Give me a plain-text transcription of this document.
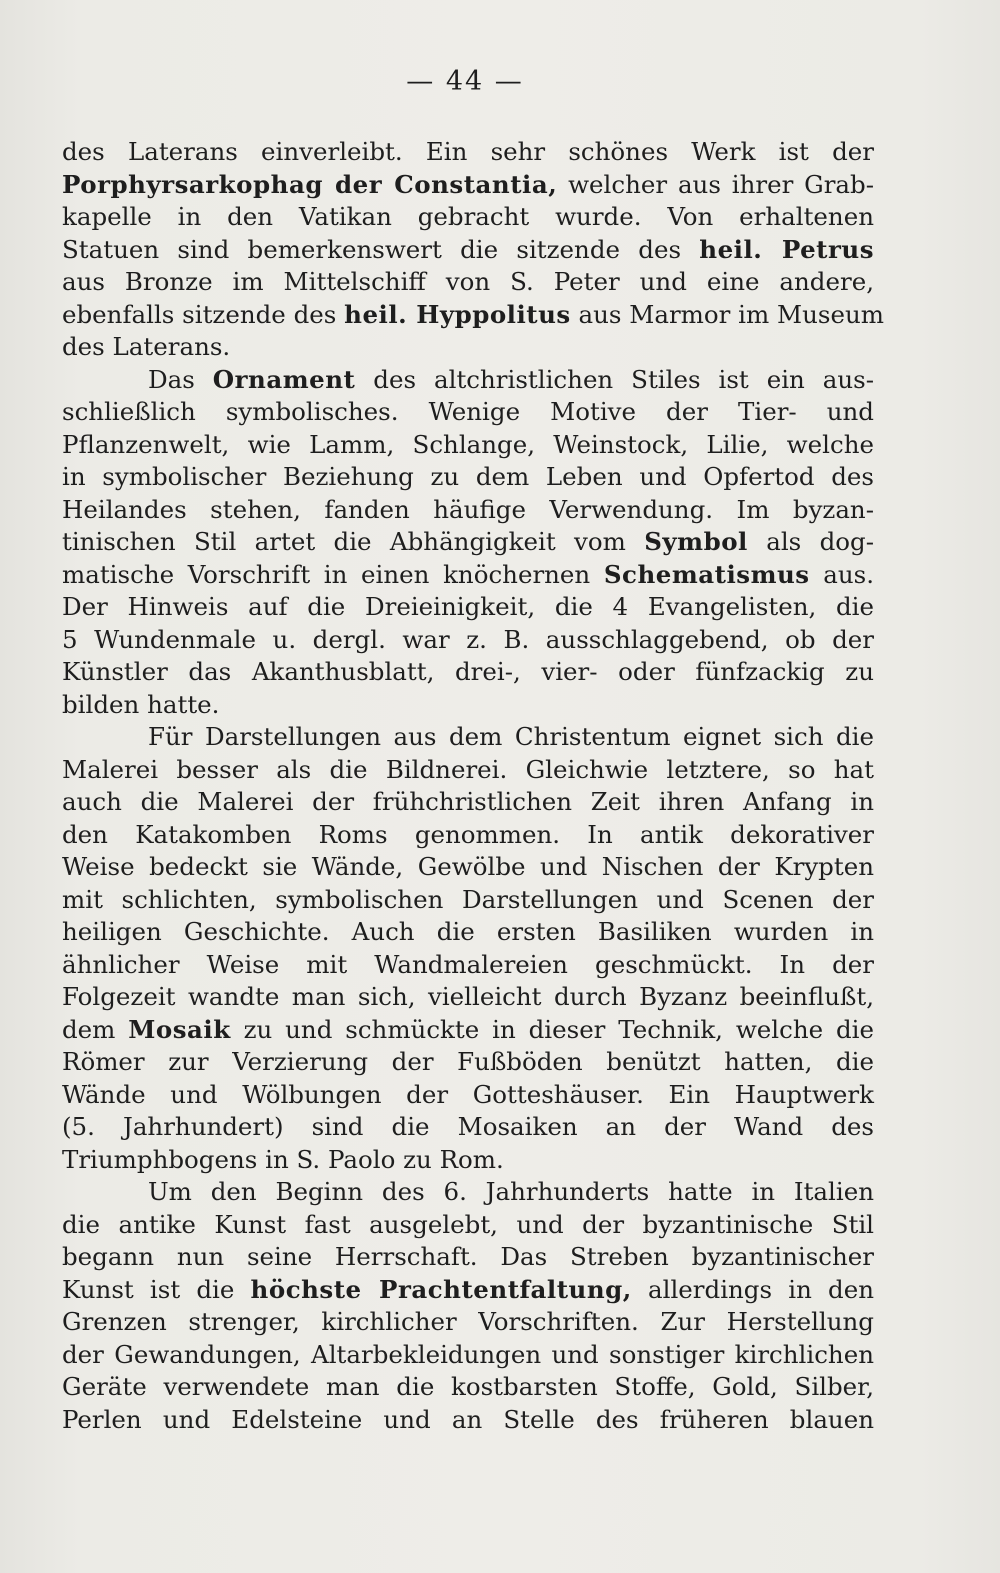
— 44 —
des Laterans einverleibt. Ein sehr schönes Werk ist der
Porphyrsarkophag der Constantia, welcher aus ihrer Grab-
kapelle in den Vatikan gebracht wurde. Von erhaltenen
Statuen sind bemerkenswert die sitzende des heil. Petrus
aus Bronze im Mittelschiff von S. Peter und eine andere,
ebenfalls sitzende des heil. Hyppolitus aus Marmor im Museum
des Laterans.
Das Ornament des altchristlichen Stiles ist ein aus-
schließlich symbolisches. Wenige Motive der Tier- und
Pflanzenwelt, wie Lamm, Schlange, Weinstock, Lilie, welche
in symbolischer Beziehung zu dem Leben und Opfertod des
Heilandes stehen, fanden häufige Verwendung. Im byzan-
tinischen Stil artet die Abhängigkeit vom Symbol als dog-
matische Vorschrift in einen knöchernen Schematismus aus.
Der Hinweis auf die Dreieinigkeit, die 4 Evangelisten, die
5 Wundenmale u. dergl. war z. B. ausschlaggebend, ob der
Künstler das Akanthusblatt, drei-, vier- oder fünfzackig zu
bilden hatte.
Für Darstellungen aus dem Christentum eignet sich die
Malerei besser als die Bildnerei. Gleichwie letztere, so hat
auch die Malerei der frühchristlichen Zeit ihren Anfang in
den Katakomben Roms genommen. In antik dekorativer
Weise bedeckt sie Wände, Gewölbe und Nischen der Krypten
mit schlichten, symbolischen Darstellungen und Scenen der
heiligen Geschichte. Auch die ersten Basiliken wurden in
ähnlicher Weise mit Wandmalereien geschmückt. In der
Folgezeit wandte man sich, vielleicht durch Byzanz beeinflußt,
dem Mosaik zu und schmückte in dieser Technik, welche die
Römer zur Verzierung der Fußböden benützt hatten, die
Wände und Wölbungen der Gotteshäuser. Ein Hauptwerk
(5. Jahrhundert) sind die Mosaiken an der Wand des
Triumphbogens in S. Paolo zu Rom.
Um den Beginn des 6. Jahrhunderts hatte in Italien
die antike Kunst fast ausgelebt, und der byzantinische Stil
begann nun seine Herrschaft. Das Streben byzantinischer
Kunst ist die höchste Prachtentfaltung, allerdings in den
Grenzen strenger, kirchlicher Vorschriften. Zur Herstellung
der Gewandungen, Altarbekleidungen und sonstiger kirchlichen
Geräte verwendete man die kostbarsten Stoffe, Gold, Silber,
Perlen und Edelsteine und an Stelle des früheren blauen
